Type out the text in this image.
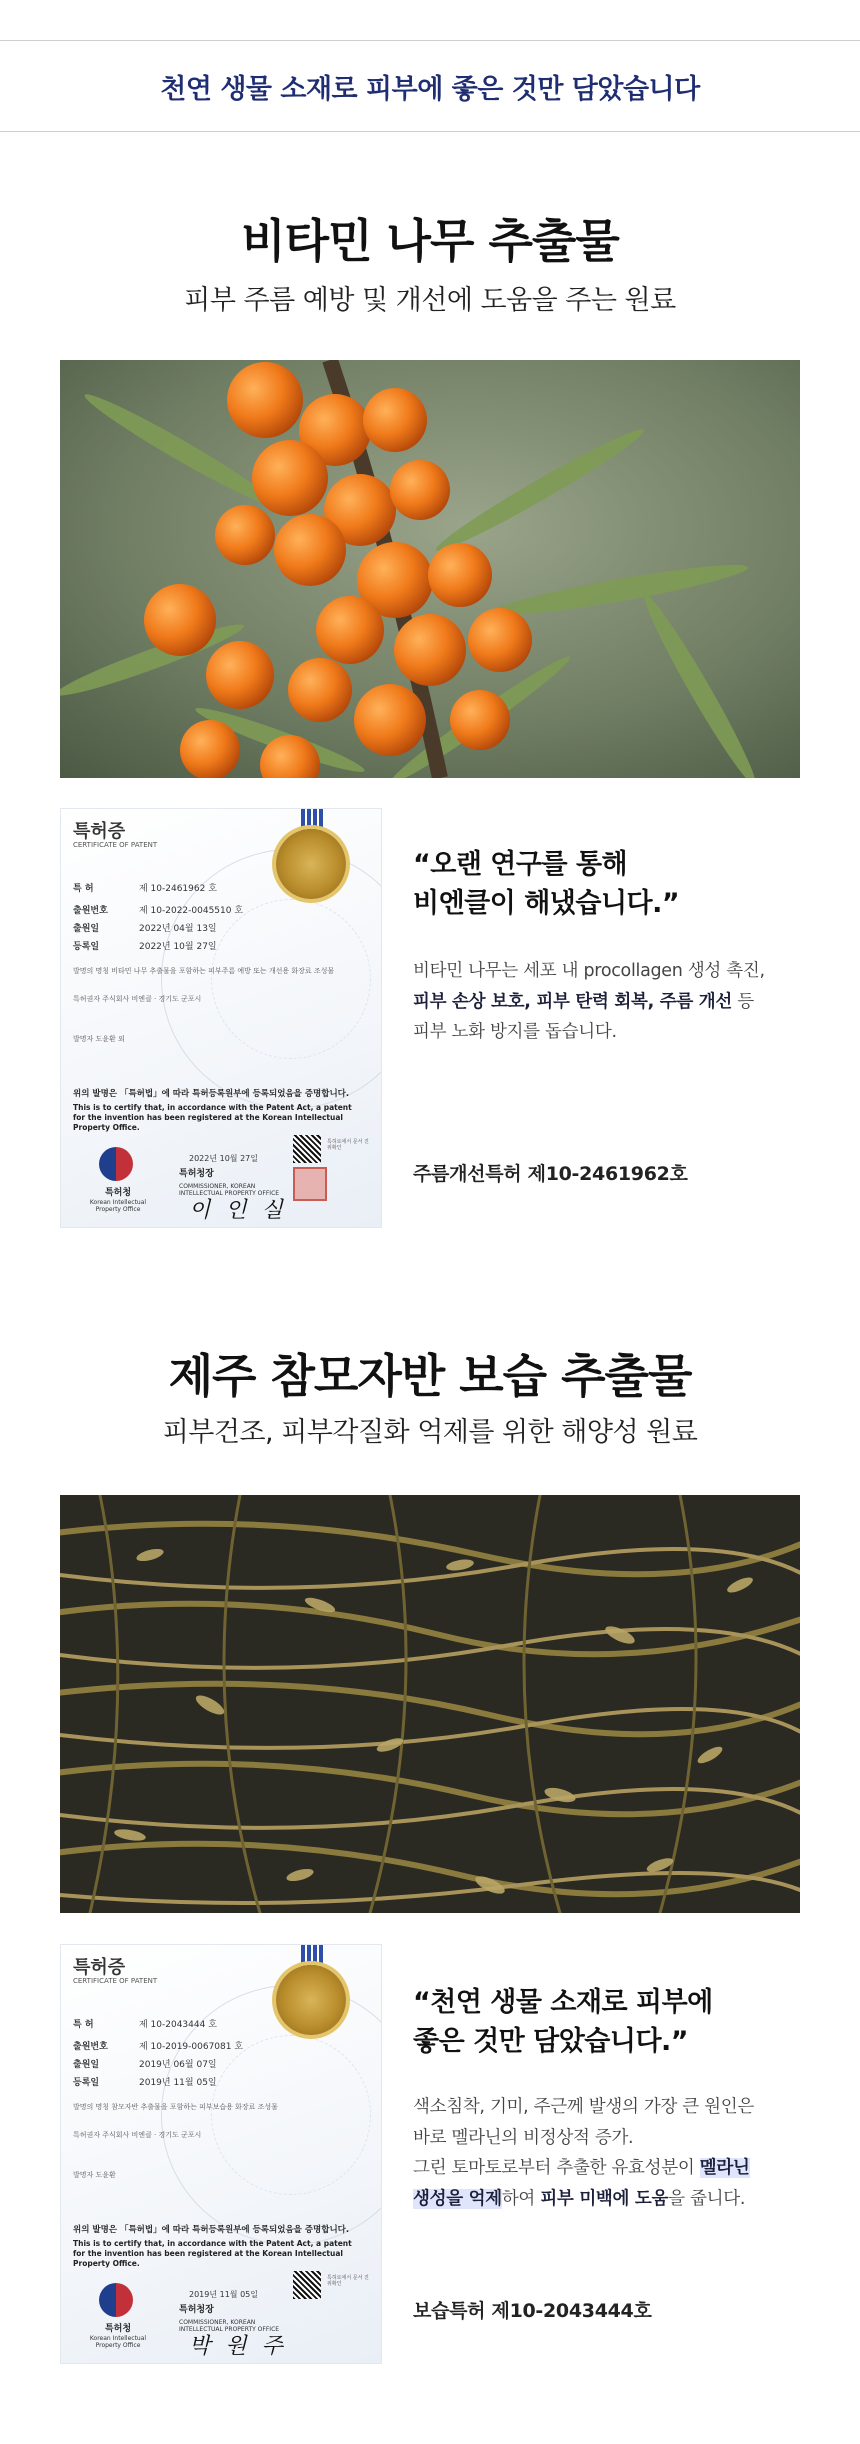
천연 생물 소재로 피부에 좋은 것만 담았습니다
비타민 나무 추출물
피부 주름 예방 및 개선에 도움을 주는 원료
특허증
CERTIFICATE OF PATENT
특 허	제 10-2461962 호
출원번호	제 10-2022-0045510 호
출원일	2022년 04월 13일
등록일	2022년 10월 27일
발명의 명칭 비타민 나무 추출물을 포함하는 피부주름 예방 또는 개선용 화장료 조성물
특허권자 주식회사 비엔클 · 경기도 군포시
발명자 도윤환 외
위의 발명은 「특허법」에 따라 특허등록원부에 등록되었음을 증명합니다.
This is to certify that, in accordance with the Patent Act, a patent for the invention has been registered at the Korean Intellectual Property Office.
2022년 10월 27일
특허로에서 문서 진위확인
특허청장
COMMISSIONER, KOREAN INTELLECTUAL PROPERTY OFFICE
이 인 실
특허청
Korean Intellectual Property Office
“오랜 연구를 통해
비엔클이 해냈습니다.”
비타민 나무는 세포 내 procollagen 생성 촉진,
피부 손상 보호, 피부 탄력 회복, 주름 개선 등
피부 노화 방지를 돕습니다.
주름개선특허 제10-2461962호
제주 참모자반 보습 추출물
피부건조, 피부각질화 억제를 위한 해양성 원료
특허증
CERTIFICATE OF PATENT
특 허	제 10-2043444 호
출원번호	제 10-2019-0067081 호
출원일	2019년 06월 07일
등록일	2019년 11월 05일
발명의 명칭 참모자반 추출물을 포함하는 피부보습용 화장료 조성물
특허권자 주식회사 비엔클 · 경기도 군포시
발명자 도윤환
위의 발명은 「특허법」에 따라 특허등록원부에 등록되었음을 증명합니다.
This is to certify that, in accordance with the Patent Act, a patent for the invention has been registered at the Korean Intellectual Property Office.
2019년 11월 05일
특허로에서 문서 진위확인
특허청장
COMMISSIONER, KOREAN INTELLECTUAL PROPERTY OFFICE
박 원 주
특허청
Korean Intellectual Property Office
“천연 생물 소재로 피부에
좋은 것만 담았습니다.”
색소침착, 기미, 주근께 발생의 가장 큰 원인은
바로 멜라닌의 비정상적 증가.
그린 토마토로부터 추출한 유효성분이 멜라닌
생성을 억제하여 피부 미백에 도움을 줍니다.
보습특허 제10-2043444호
